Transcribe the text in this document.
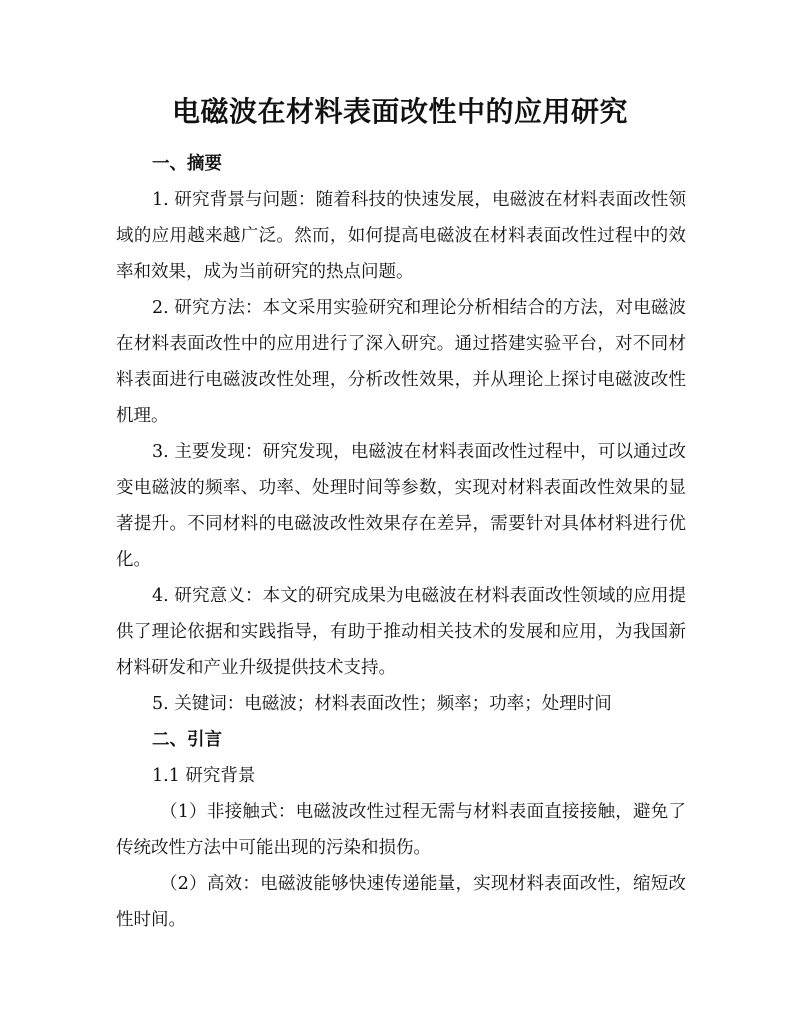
电磁波在材料表面改性中的应用研究

一、摘要

1. 研究背景与问题：随着科技的快速发展，电磁波在材料表面改性领域的应用越来越广泛。然而，如何提高电磁波在材料表面改性过程中的效率和效果，成为当前研究的热点问题。

2. 研究方法：本文采用实验研究和理论分析相结合的方法，对电磁波在材料表面改性中的应用进行了深入研究。通过搭建实验平台，对不同材料表面进行电磁波改性处理，分析改性效果，并从理论上探讨电磁波改性机理。

3. 主要发现：研究发现，电磁波在材料表面改性过程中，可以通过改变电磁波的频率、功率、处理时间等参数，实现对材料表面改性效果的显著提升。不同材料的电磁波改性效果存在差异，需要针对具体材料进行优化。

4. 研究意义：本文的研究成果为电磁波在材料表面改性领域的应用提供了理论依据和实践指导，有助于推动相关技术的发展和应用，为我国新材料研发和产业升级提供技术支持。

5. 关键词：电磁波；材料表面改性；频率；功率；处理时间

二、引言

1.1 研究背景

（1）非接触式：电磁波改性过程无需与材料表面直接接触，避免了传统改性方法中可能出现的污染和损伤。

（2）高效：电磁波能够快速传递能量，实现材料表面改性，缩短改性时间。
